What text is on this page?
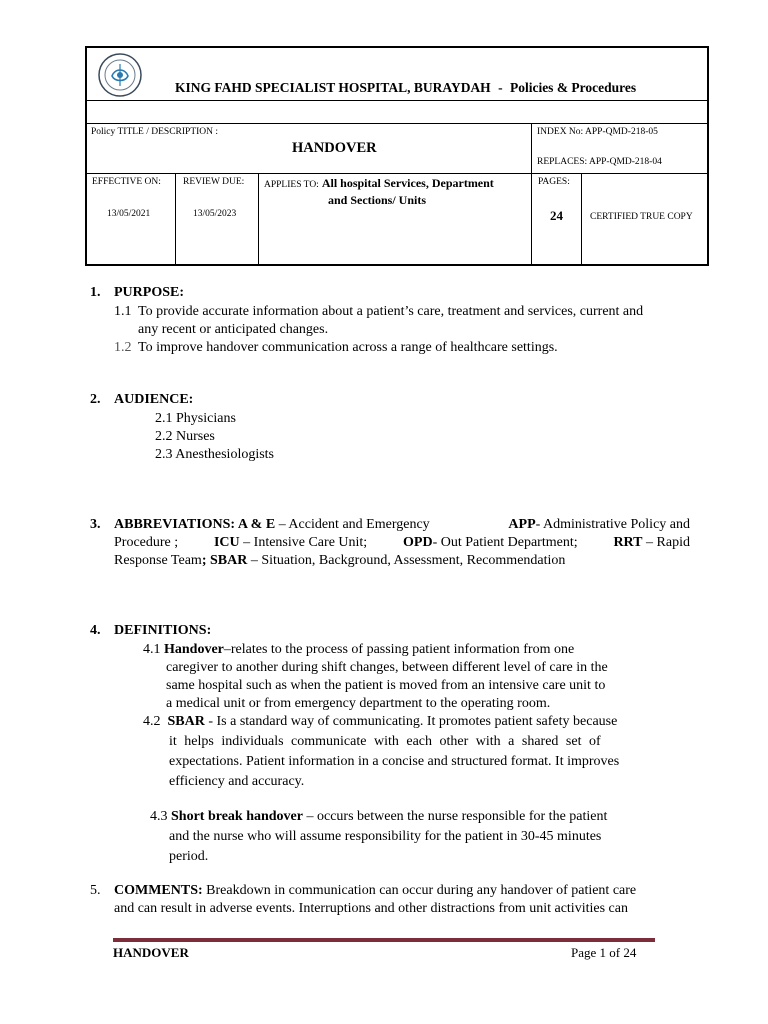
KING FAHD SPECIALIST HOSPITAL, BURAYDAH - Policies & Procedures
Policy TITLE / DESCRIPTION :
HANDOVER
INDEX No: APP-QMD-218-05
REPLACES: APP-QMD-218-04
EFFECTIVE ON:
13/05/2021
REVIEW DUE:
13/05/2023
APPLIES TO: All hospital Services, Department
and Sections/ Units
PAGES:
24	CERTIFIED TRUE COPY
1. PURPOSE:
1.1 To provide accurate information about a patient’s care, treatment and services, current and
any recent or anticipated changes.
1.2 To improve handover communication across a range of healthcare settings.
2. AUDIENCE:
2.1 Physicians
2.2 Nurses
2.3 Anesthesiologists
3. ABBREVIATIONS: A & E – Accident and Emergency	APP- Administrative Policy and
Procedure ;	ICU – Intensive Care Unit;	OPD- Out Patient Department;	RRT – Rapid
Response Team; SBAR – Situation, Background, Assessment, Recommendation
4. DEFINITIONS:
4.1 Handover–relates to the process of passing patient information from one
caregiver to another during shift changes, between different level of care in the
same hospital such as when the patient is moved from an intensive care unit to
a medical unit or from emergency department to the operating room.
4.2 SBAR - Is a standard way of communicating. It promotes patient safety because
it helps individuals communicate with each other with a shared set of
expectations. Patient information in a concise and structured format. It improves
efficiency and accuracy.
4.3 Short break handover – occurs between the nurse responsible for the patient
and the nurse who will assume responsibility for the patient in 30-45 minutes
period.
5. COMMENTS: Breakdown in communication can occur during any handover of patient care
and can result in adverse events. Interruptions and other distractions from unit activities can
HANDOVER	Page 1 of 24
